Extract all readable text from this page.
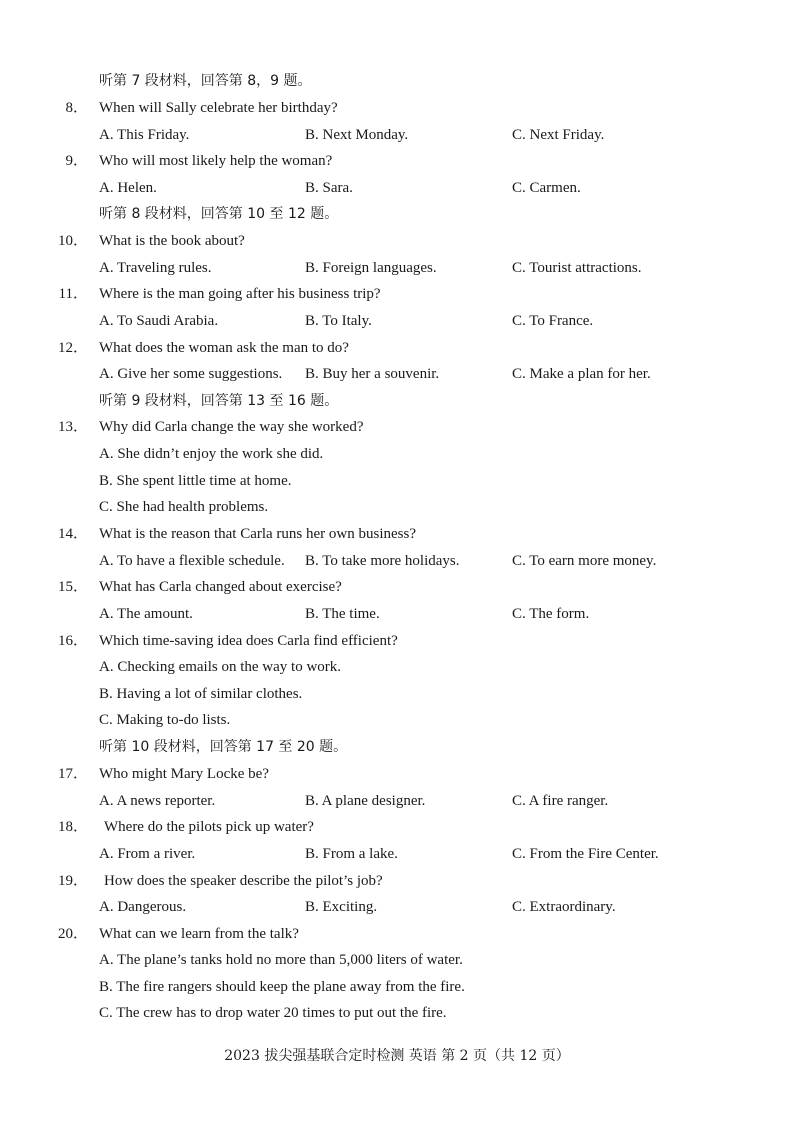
听第 7 段材料，回答第 8，9 题。
听第 8 段材料，回答第 10 至 12 题。
听第 9 段材料，回答第 13 至 16 题。
听第 10 段材料，回答第 17 至 20 题。
8． When will Sally celebrate her birthday?
A. This Friday.	B. Next Monday.	C. Next Friday.
9． Who will most likely help the woman?
A. Helen.	B. Sara.	C. Carmen.
10． What is the book about?
A. Traveling rules.	B. Foreign languages.	C. Tourist attractions.
11． Where is the man going after his business trip?
A. To Saudi Arabia.	B. To Italy.	C. To France.
12． What does the woman ask the man to do?
A. Give her some suggestions. B. Buy her a souvenir.	C. Make a plan for her.
13． Why did Carla change the way she worked?
A. She didn’t enjoy the work she did.
B. She spent little time at home.
C. She had health problems.
14． What is the reason that Carla runs her own business?
A. To have a flexible schedule. B. To take more holidays.	C. To earn more money.
15． What has Carla changed about exercise?
A. The amount.	B. The time.	C. The form.
16． Which time-saving idea does Carla find efficient?
A. Checking emails on the way to work.
B. Having a lot of similar clothes.
C. Making to-do lists.
17． Who might Mary Locke be?
A. A news reporter.	B. A plane designer.	C. A fire ranger.
18． Where do the pilots pick up water?
A. From a river.	B. From a lake.	C. From the Fire Center.
19． How does the speaker describe the pilot’s job?
A. Dangerous.	B. Exciting.	C. Extraordinary.
20． What can we learn from the talk?
A. The plane’s tanks hold no more than 5,000 liters of water.
B. The fire rangers should keep the plane away from the fire.
C. The crew has to drop water 20 times to put out the fire.
2023 拔尖强基联合定时检测 英语 第 2 页（共 12 页）
